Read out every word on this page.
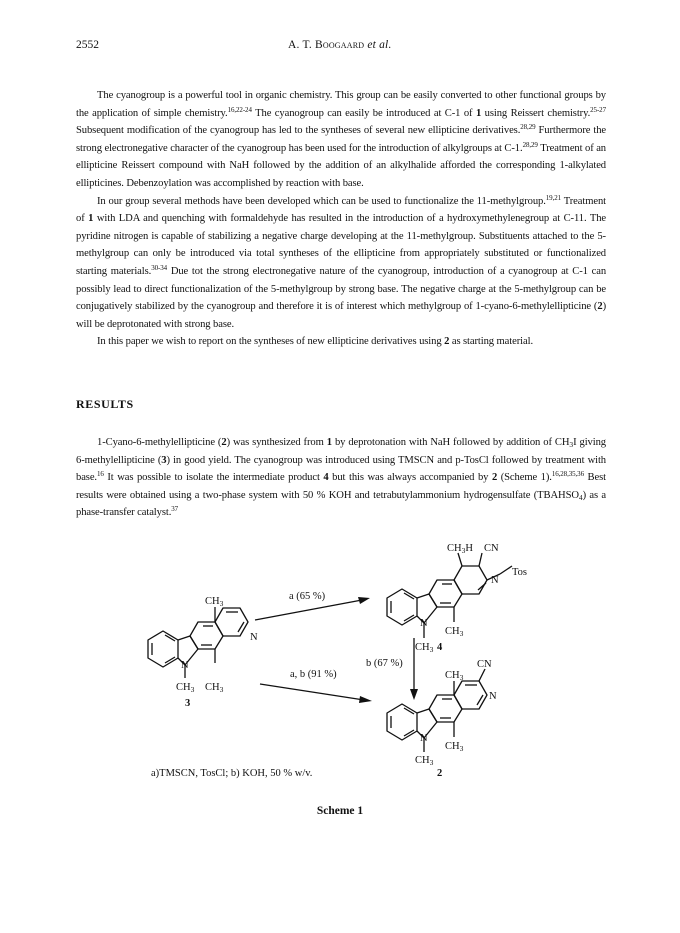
2552	A. T. Boogaard et al.

The cyanogroup is a powerful tool in organic chemistry. This group can be easily converted to other functional groups by the application of simple chemistry.$^{16,22-24}$ The cyanogroup can easily be introduced at C-1 of 1 using Reissert chemistry.$^{25-27}$ Subsequent modification of the cyanogroup has led to the syntheses of several new ellipticine derivatives.$^{28,29}$ Furthermore the strong electronegative character of the cyanogroup has been used for the introduction of alkylgroups at C-1.$^{28,29}$ Treatment of an ellipticine Reissert compound with NaH followed by the addition of an alkylhalide afforded the corresponding 1-alkylated ellipticines. Debenzoylation was accomplished by reaction with base.

In our group several methods have been developed which can be used to functionalize the 11-methylgroup.$^{19,21}$ Treatment of 1 with LDA and quenching with formaldehyde has resulted in the introduction of a hydroxymethylenegroup at C-11. The pyridine nitrogen is capable of stabilizing a negative charge developing at the 11-methylgroup. Substituents attached to the 5-methylgroup can only be introduced via total syntheses of the ellipticine from appropriately substituted or functionalized starting materials.$^{30-34}$ Due tot the strong electronegative nature of the cyanogroup, introduction of a cyanogroup at C-1 can possibly lead to direct functionalization of the 5-methylgroup by strong base. The negative charge at the 5-methylgroup can be conjugatively stabilized by the cyanogroup and therefore it is of interest which methylgroup of 1-cyano-6-methylellipticine (2) will be deprotonated with strong base.

In this paper we wish to report on the syntheses of new ellipticine derivatives using 2 as starting material.

RESULTS

1-Cyano-6-methylellipticine (2) was synthesized from 1 by deprotonation with NaH followed by addition of $CH_3I$ giving 6-methylellipticine (3) in good yield. The cyanogroup was introduced using TMSCN and p-TosCl followed by treatment with base.$^{16}$ It was possible to isolate the intermediate product 4 but this was always accompanied by 2 (Scheme 1).$^{16,28,35,36}$ Best results were obtained using a two-phase system with 50 % KOH and tetrabutylammonium hydrogensulfate $(TBAHSO_4)$ as a phase-transfer catalyst.$^{37}$

CH3
N
N
CH3 CH3
3
CH3H CN
N
Tos
N
CH3
CH3
4
CH3
CN
N
N
CH3
CH3
2
a (65 %)
a, b (91 %)
b (67 %)
a)TMSCN, TosCl; b) KOH, 50 % w/v.
Scheme 1
